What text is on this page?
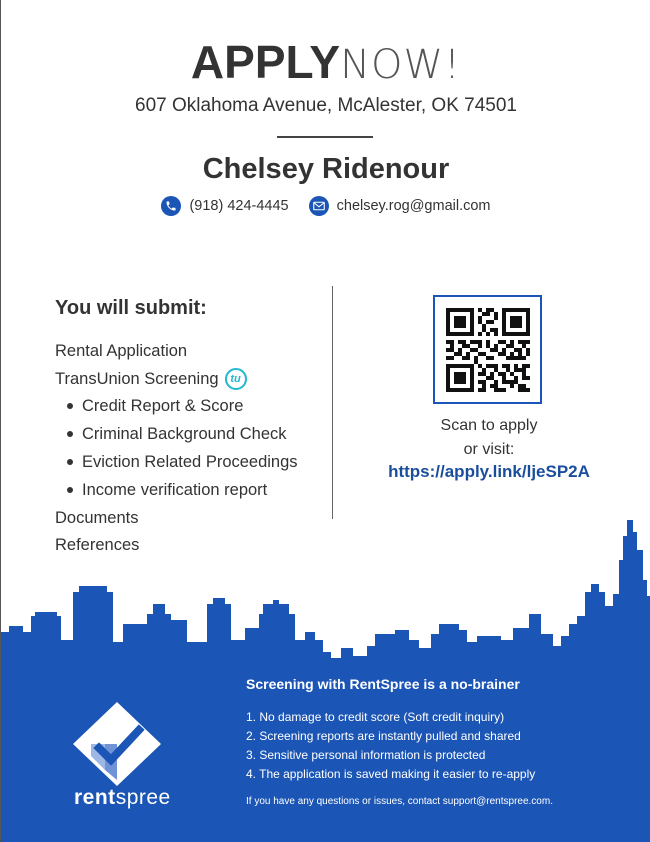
APPLYNOW!
607 Oklahoma Avenue, McAlester, OK 74501
Chelsey Ridenour
(918) 424-4445	chelsey.rog@gmail.com
You will submit:
Rental Application
TransUnion Screening	tu
Credit Report & Score
Criminal Background Check
Eviction Related Proceedings
Income verification report
Documents
References
Scan to apply
or visit:
https://apply.link/ljeSP2A
rentspree
Screening with RentSpree is a no-brainer
1. No damage to credit score (Soft credit inquiry)
2. Screening reports are instantly pulled and shared
3. Sensitive personal information is protected
4. The application is saved making it easier to re-apply
If you have any questions or issues, contact support@rentspree.com.
